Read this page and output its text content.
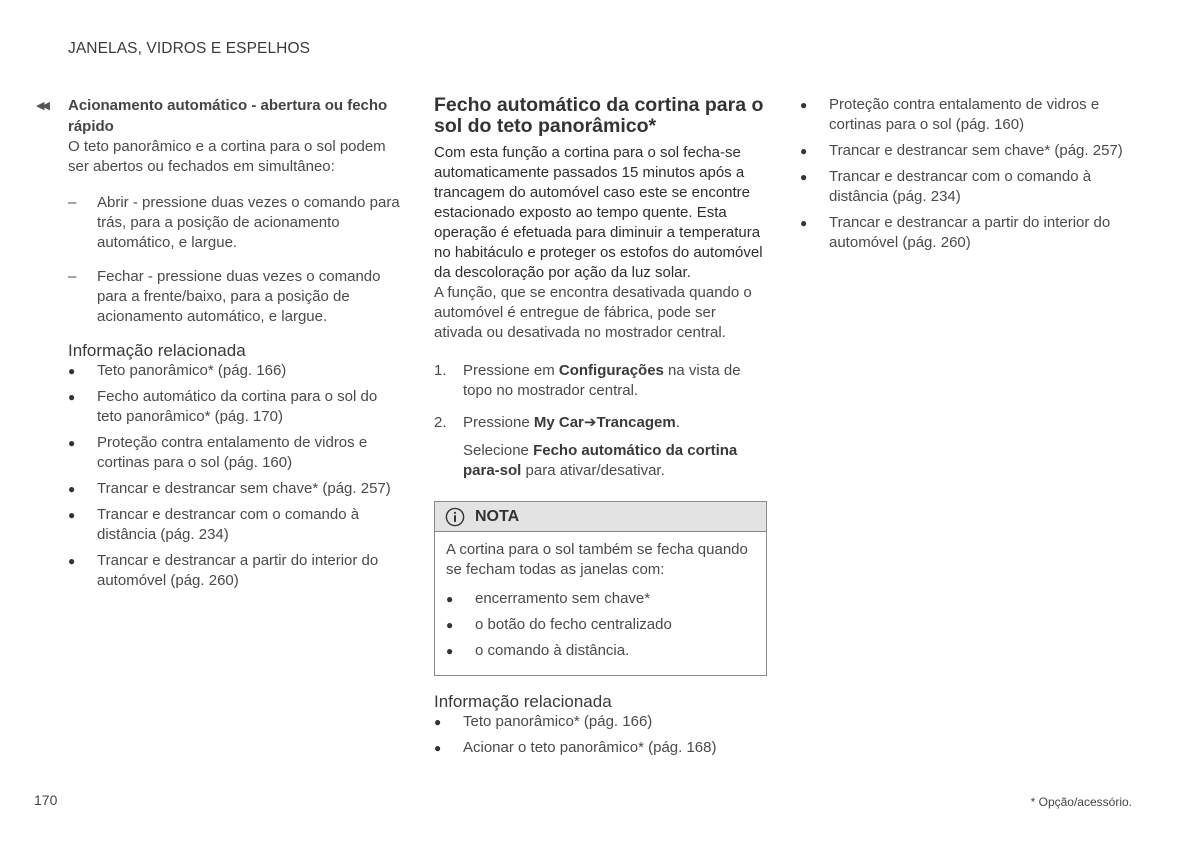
JANELAS, VIDROS E ESPELHOS
◀◀ Acionamento automático - abertura ou fecho rápido

O teto panorâmico e a cortina para o sol podem ser abertos ou fechados em simultâneo:

– Abrir - pressione duas vezes o comando para trás, para a posição de acionamento automático, e largue.
– Fechar - pressione duas vezes o comando para a frente/baixo, para a posição de acionamento automático, e largue.
Informação relacionada
● Teto panorâmico* (pág. 166)
● Fecho automático da cortina para o sol do teto panorâmico* (pág. 170)
● Proteção contra entalamento de vidros e cortinas para o sol (pág. 160)
● Trancar e destrancar sem chave* (pág. 257)
● Trancar e destrancar com o comando à distância (pág. 234)
● Trancar e destrancar a partir do interior do automóvel (pág. 260)
Fecho automático da cortina para o sol do teto panorâmico*

Com esta função a cortina para o sol fecha-se automaticamente passados 15 minutos após a trancagem do automóvel caso este se encontre estacionado exposto ao tempo quente. Esta operação é efetuada para diminuir a temperatura no habitáculo e proteger os estofos do automóvel da descoloração por ação da luz solar.

A função, que se encontra desativada quando o automóvel é entregue de fábrica, pode ser ativada ou desativada no mostrador central.

1. Pressione em Configurações na vista de topo no mostrador central.
2. Pressione My Car➔Trancagem.

Selecione Fecho automático da cortina para-sol para ativar/desativar.

NOTA

A cortina para o sol também se fecha quando se fecham todas as janelas com:

● encerramento sem chave*
● o botão do fecho centralizado
● o comando à distância.
Informação relacionada
● Teto panorâmico* (pág. 166)
● Acionar o teto panorâmico* (pág. 168)
● Proteção contra entalamento de vidros e cortinas para o sol (pág. 160)
● Trancar e destrancar sem chave* (pág. 257)
● Trancar e destrancar com o comando à distância (pág. 234)
● Trancar e destrancar a partir do interior do automóvel (pág. 260)
170	* Opção/acessório.
